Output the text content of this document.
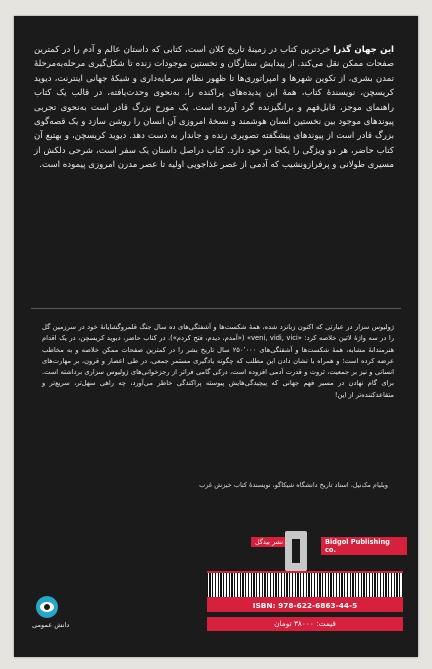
این جهان گذرا خردترین کتاب در زمینهٔ تاریخ کلان است، کتابی که داستان عالم و آدم را در کمترین صفحات ممکن نقل می‌کند. از پیدایش ستارگان و نخستین موجودات زنده تا شکل‌گیری مرحله‌به‌مرحلهٔ تمدن بشری، از تکوین شهرها و امپراتوری‌ها تا ظهور نظام سرمایه‌داری و شبکهٔ جهانی اینترنت، دیوید کریسچن، نویسندهٔ کتاب، همهٔ این پدیده‌های پراکنده را، به‌نحوی وحدت‌یافته، در قالب یک کتاب راهنمای موجز، قابل‌فهم و برانگیزنده گرد آورده است. یک مورخ بزرگ قادر است به‌نحوی تجربی پیوندهای موجود بین نخستین انسان هوشمند و نسخهٔ امروزی آن انسان را روشن سازد و یک قصه‌گوی بزرگ قادر است از پیوندهای پیشگفته تصویری زنده و جاندار به دست دهد. دیوید کریسچن، و بهتبع آن کتاب حاضر، هر دو ویژگی را یکجا در خود دارد. کتاب دراصل داستان یک سفر است، شرحی دلکش از مسیری طولانی و پرفرازونشیب که آدمی از عصر غذاجویی اولیه تا عصر مدرن امروزی پیموده است.

ژولیوس سزار در عبارتی که اکنون زبانزد شده، همهٔ شکست‌ها و آشفتگی‌های ده سال جنگ قلمروگشایانهٔ خود در سرزمین گل را در سه واژهٔ لاتین خلاصه کرد: «veni, vidi, vici» («آمدم، دیدم، فتح کردم»). در کتاب حاضر، دیوید کریسچن، در یک اقدام هنرمندانهٔ مشابه، همهٔ شکست‌ها و آشفتگی‌های ۲۵۰٬۰۰۰ سال تاریخ بشر را در کمترین صفحات ممکن خلاصه و به مخاطب عرضه کرده است؛ و همراه با نشان دادن این مطلب که چگونه یادگیری مستمر جمعی، در طی اعصار و قرون، بر مهارت‌های انسانی و نیز بر جمعیت، ثروت و قدرت آدمی افزوده است، درکی گامی فراتر از رجزخوانی‌های ژولیوس سزاری برداشته است. برای گام نهادن در مسیر فهم جهانی که پیچیدگی‌هایش پیوسته پراکندگی خاطر می‌آورد، چه راهی سهل‌تر، سریع‌تر و متقاعدکننده‌تر از این!

ویلیام مک‌نیل، استاد تاریخ دانشگاه شیکاگو، نویسندهٔ کتاب خیزش غرب
دانش عمومی
نشر بیدگل	Bidgol Publishing co.
ISBN: 978-622-6863-44-5
قیمت: ۳۸۰۰۰ تومان
